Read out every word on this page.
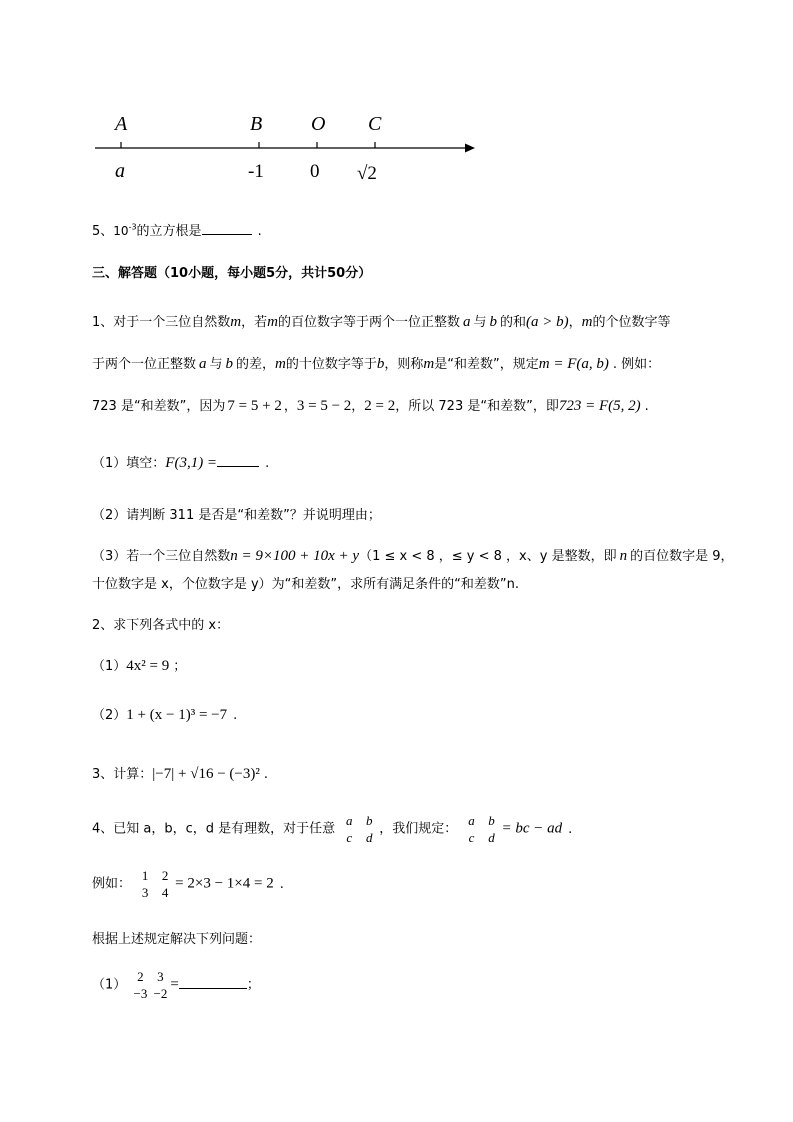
A	B O C
a	-1 0 √2
5、$10^{-3}$的立方根是	.
三、解答题（10小题，每小题5分，共计50分）
1、对于一个三位自然数m，若m的百位数字等于两个一位正整数 a 与 b 的和(a > b)，m的个位数字等
于两个一位正整数 a 与 b 的差，m的十位数字等于b，则称m是“和差数”，规定m = F(a, b) . 例如：
723 是“和差数”，因为 7 = 5 + 2 ，3 = 5 − 2，2 = 2，所以 723 是“和差数”，即723 = F(5, 2) .
（1）填空：F(3,1) =	.
（2）请判断 311 是否是“和差数”？并说明理由；
（3）若一个三位自然数n = 9×100 + 10x + y（1 ≤ x < 8 ，≤ y < 8 ，x、y 是整数，即 n 的百位数字是 9，
十位数字是 x，个位数字是 y）为“和差数”，求所有满足条件的“和差数”n.
2、求下列各式中的 x：
（1）4x² = 9 ；
（2）1 + (x − 1)³ = −7 .
3、计算：|−7| + √16 − (−3)² .
4、已知 a，b，c，d 是有理数，对于任意
a b
c d
，我们规定：
a b
c d
= bc − ad .
例如：
1 2
3 4
= 2×3 − 1×4 = 2 .
根据上述规定解决下列问题：
（1）
2 3
−3 −2
=	；
